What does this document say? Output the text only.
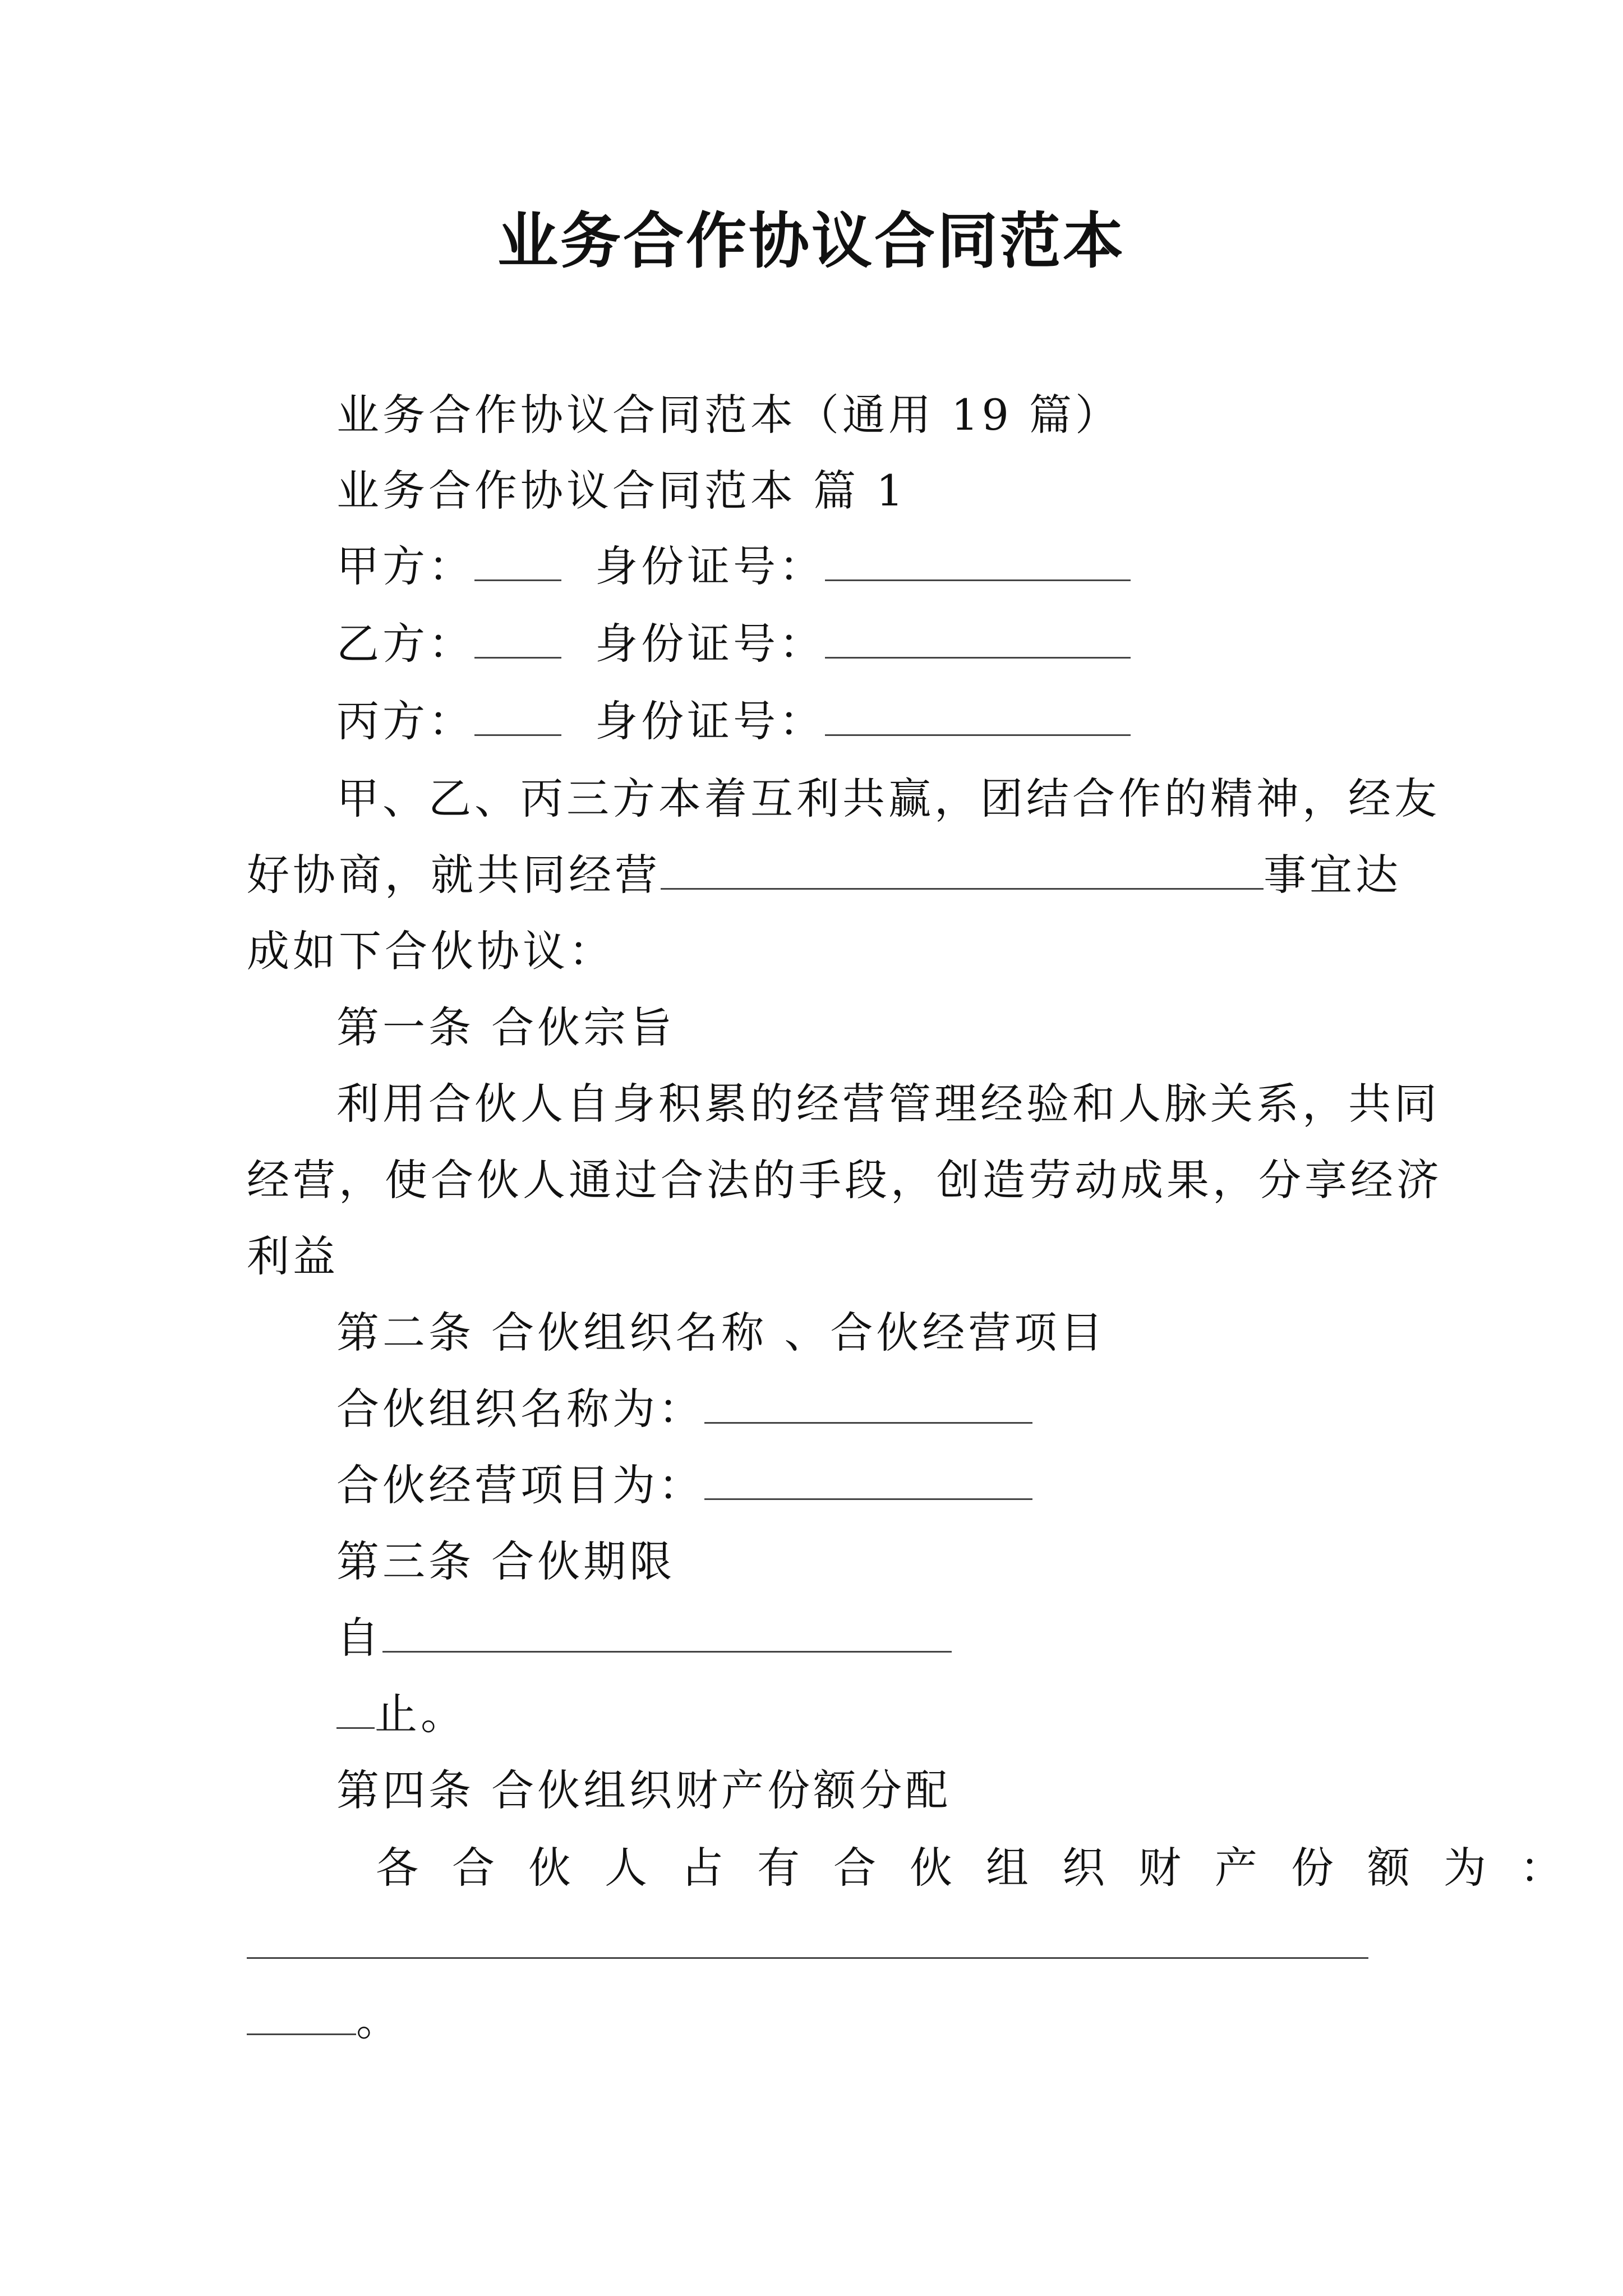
业务合作协议合同范本
业务合作协议合同范本（通用 19 篇）
业务合作协议合同范本 篇 1
甲方：	身份证号：
乙方：	身份证号：
丙方：	身份证号：
甲、乙、丙三方本着互利共赢，团结合作的精神，经友
好协商，就共同经营	事宜达
成如下合伙协议：
第一条 合伙宗旨
利用合伙人自身积累的经营管理经验和人脉关系，共同
经营，使合伙人通过合法的手段，创造劳动成果，分享经济
利益
第二条 合伙组织名称 、合伙经营项目
合伙组织名称为：
合伙经营项目为：
第三条 合伙期限
自
止。
第四条 合伙组织财产份额分配
各合伙人占有合伙组织财产份额为：
。
